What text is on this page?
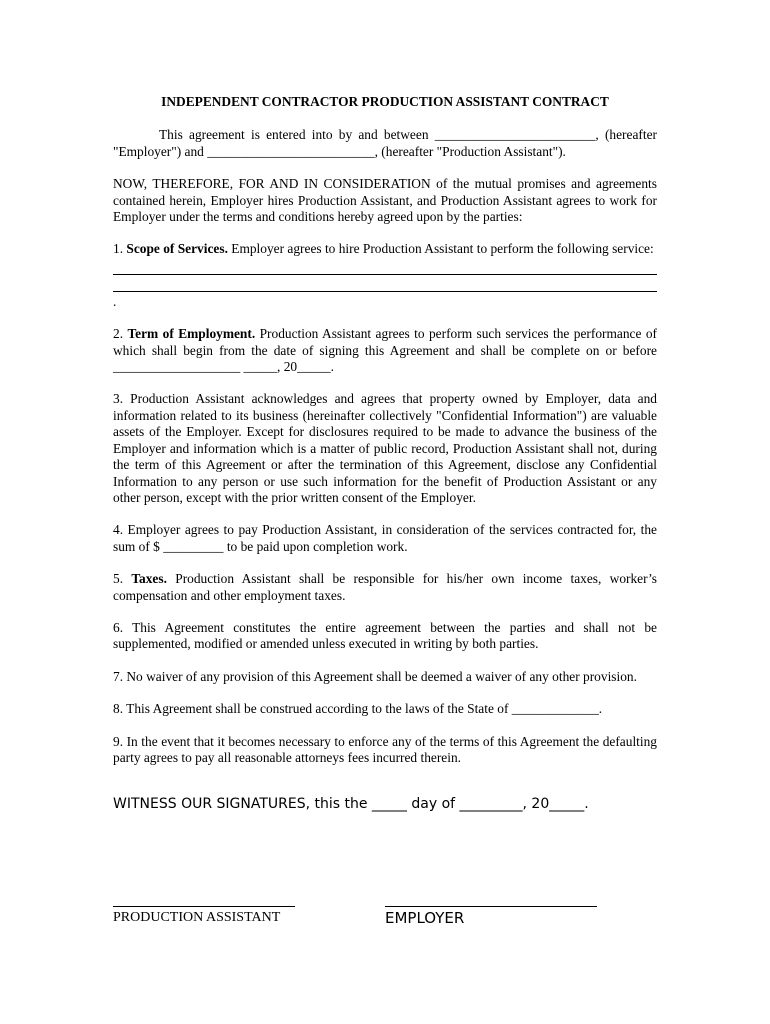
INDEPENDENT CONTRACTOR PRODUCTION ASSISTANT CONTRACT

This agreement is entered into by and between ________________________, (hereafter "Employer") and _________________________, (hereafter "Production Assistant").

NOW, THEREFORE, FOR AND IN CONSIDERATION of the mutual promises and agreements contained herein, Employer hires Production Assistant, and Production Assistant agrees to work for Employer under the terms and conditions hereby agreed upon by the parties:

1. Scope of Services. Employer agrees to hire Production Assistant to perform the following service:

.

2. Term of Employment. Production Assistant agrees to perform such services the performance of which shall begin from the date of signing this Agreement and shall be complete on or before ___________________ _____, 20_____.

3. Production Assistant acknowledges and agrees that property owned by Employer, data and information related to its business (hereinafter collectively "Confidential Information") are valuable assets of the Employer. Except for disclosures required to be made to advance the business of the Employer and information which is a matter of public record, Production Assistant shall not, during the term of this Agreement or after the termination of this Agreement, disclose any Confidential Information to any person or use such information for the benefit of Production Assistant or any other person, except with the prior written consent of the Employer.

4. Employer agrees to pay Production Assistant, in consideration of the services contracted for, the sum of $ _________ to be paid upon completion work.

5. Taxes. Production Assistant shall be responsible for his/her own income taxes, worker’s compensation and other employment taxes.

6. This Agreement constitutes the entire agreement between the parties and shall not be supplemented, modified or amended unless executed in writing by both parties.

7. No waiver of any provision of this Agreement shall be deemed a waiver of any other provision.

8. This Agreement shall be construed according to the laws of the State of _____________.

9. In the event that it becomes necessary to enforce any of the terms of this Agreement the defaulting party agrees to pay all reasonable attorneys fees incurred therein.

WITNESS OUR SIGNATURES, this the _____ day of _________, 20_____.
PRODUCTION ASSISTANT	EMPLOYER
